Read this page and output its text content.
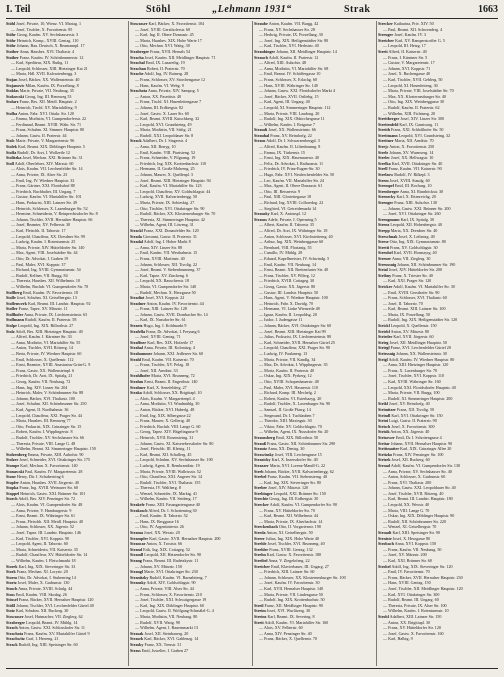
I. Teil	Stöhl	„Lehmann 1931“	Strak	1663

Stöhl Josef, Private, 10, Wienz. VI. Mariag. 1

— Josef, Tischler, X. Favoritenstr. 85

Stöhr Georg, Kaufm. XV. Sechshauserstr. 3

Stöhr Heinrich, Komp., XVIII. Gentzg. 110

Stöhr Johann, Bau. Deutsch, X. Reumannpl. 17

Stoiber Anna, Hausbes. XVI. Thaliastr. 4

Stoiber Franz, Kaufm. IV. Schönbrunnerstr. 12

— Karl, Spediteur, XIX. Ruthg. 11

— Leopold, Schlosser, XIII. Hietzinger Kai 21

— Maria, Hdl. XVII. Kalvarienbergg. 3

Stojan Josef, Bäcker, XX. Wallensteinstr. 40

Stojanovic Milan, Kaufm. IX. Porzellang. 8

Stoklas Marie, Private, VII. Neubaug. 35

Stokowski Georg, Ing. III. Rennweg 53

Stolarz Franz, Bes. XII. Meidl. Hauptstr. 2

— Heinrich, Tischl. XV. Mariahilferg. 9

Stolba Anton, Fabr. XVI. Ottakr. Str. 120

— Emma, Modistin, VI. Gumpendorferstr. 22

— Ferdinand, Beamt. XVIII. Währ. Str. 71

— Franz, Schuhm. XI. Simmer. Hauptstr. 80

— Johann, Gastw. II. Praterstr. 44

Stolc Marie, Private, V. Margaretenstr. 96

Stolek Karl, Beamt. XIX. Döblinger Hauptstr. 5

Stolfa Rudolf, Dr. Arzt, I. Wollzeile 12

Stolitzka Josef, Mechan. XXI. Brünner Str. 31

Stoll Adolf, Oberlehrer, XIV. Märzstr. 60

— Alois, Kaufm. VII. Lerchenfelder Str. 14

— Anna, Private, IX. Alser Str. 23

— Emil, Ing. IV. Wiedner Hauptstr. 33

— Franz, Gärtner, XXI. Floridsdorf 88

— Friedrich, Buchhalter, III. Ungarg. 7

— Gustav, Kaufm. VI. Mariahilfer Str. 101

— Hans, Prokurist, XIII. Lainzer Str. 49

— Heinrich, Schlosser, X. Laxenburger Str. 52

— Hermine, Schneiderin, V. Reinprechtsdorfer Str. 8

— Johann, Tischler, XVII. Hernalser Hauptstr. 66

— Josef, Beamter, XV. Felberstr. 30

— Karl, Fleischh. II. Taborstr. 17

— Leopold, Chauffeur, XX. Dresdner Str. 99

— Ludwig, Kaufm. I. Rotenturmstr. 25

— Maria, Private, XIV. Hütteldorfer Str. 140

— Max, Agent, VIII. Josefstädter Str. 44

— Otto, Dr. Advokat, I. Graben 19

— Paul, Maler, XVI. Koppstr. 37

— Richard, Ing. XVIII. Gymnasiumstr. 54

— Rudolf, Kellner, VII. Burgg. 84

— Theresia, Hausbes. XII. Wilhelmstr. 10

— Wilhelm, Buchdr. VI. Gumpendorfer Str. 70

Stollberg Emil, Kaufm. IV. Favoritenstr. 18

Stolle Josef, Schuhm. XI. Geiselbergstr. 13

Stollenwerk Karl, Beamt. III. Landstr. Hauptstr. 92

Stoller Franz, Tapez. XV. Märzstr. 11

Stollhofer Anna, Private, IX. Liechtensteinstr. 63

Stollmann Rudolf, Kaufm. II. Praterstr. 58

Stolpe Leopold, Ing. XIX. Billrothstr. 27

Stolz Adolf, Bes. XIII. Hietzinger Hauptstr. 40

— Alfred, Kaufm. I. Kärntner Str. 33

— Anna, Modistin, VI. Mariahilfer Str. 55

— Anton, Tischler, XVII. Rötzerg. 14

— Berta, Private, IV. Wiedner Hauptstr. 60

— Emil, Schlosser, X. Quellenstr. 112

— Ernst, Beamter, XVIII. Anastasius-Grün-G. 9

— Franz, Gastw. XX. Wallensteinpl. 6

— Friedrich, Dr. Arzt, IX. Spitalg. 21

— Georg, Kaufm. VII. Neubaug. 72

— Hans, Ing. XIV. Linzer Str. 204

— Heinrich, Maler, V. Schönbrunner Str. 88

— Johann, Bäcker, XVI. Thaliastr. 100

— Josef, Schuhm. XII. Schönbrunner Str. 250

— Karl, Agent, II. Nordbahnstr. 36

— Leopold, Chauffeur, XXI. Prager Str. 44

— Maria, Hausbes. III. Rennweg 77

— Otto, Prokurist, XIX. Grinzinger Str. 15

— Robert, Kaufm. I. Wipplingerstr. 8

— Rudolf, Tischler, XV. Sechshauser Str. 66

— Theresia, Private, VIII. Lange G. 48

— Wilhelm, Beamt. XI. Simmeringer Hauptstr. 150

Stolzenberg Emma, Private, XIII. Auhofstr. 90

Stolzer Josef, Schneider, XVI. Ottakringer Str. 175

Stompe Karl, Mechan. X. Favoritenstr. 140

Stonawski Paul, Kaufm. IV. Margaretenstr. 28

Stone Henry, Dir. I. Schubertring 6

Stopfer Anton, Hausbes. XVII. Jörgerstr. 40

Stopka Franz, Ing. XVIII. Weimarer Str. 60

Stoppel Heinrich, Gastw. XXI. Brünner Str. 101

Storch Adolf, Bes. XIV. Penzinger Str. 72

— Alois, Kaufm. VI. Gumpendorfer Str. 48

— Anna, Private, V. Hamburgerstr. 9

— Ernst, Beamt. IX. Währinger Str. 61

— Franz, Fleischh. XII. Meidl. Hauptstr. 40

— Johann, Schlosser, XX. Jägerstr. 52

— Josef, Tapez. III. Landstr. Hauptstr. 146

— Karl, Tischler, XVI. Koppstr. 90

— Leopold, Agent, II. Taborstr. 60

— Maria, Schneiderin, VII. Kaiserstr. 35

— Rudolf, Chauffeur, XV. Hütteldorfer Str. 14

— Wilhelm, Kaufm. I. Fleischmarkt 18

Storek Karl, Ing. XIX. Sieveringer Str. 33

Stork Franz, Mechan. XI. Lorystr. 20

Storm Otto, Dr. Advokat, I. Stubenring 14

Stortz Josef, Maler, X. Gudrunstr. 130

Stosch Anna, Private, XVIII. Schulg. 44

Stoss Emil, Kaufm. VIII. Skodag. 26

Stössel Franz, Bäcker, XVII. Hernalser Hauptstr. 120

Stößl Johann, Tischler, XVI. Lerchenfelder Gürtel 40

Stotz Karl, Schuhm. XII. Ruckerg. 30

Stowasser Josef, Hutmacher, VII. Zieglerg. 62

Straberger Leopold, Beamt. IV. Mühlg. 14

Strach Anton, Gastw. XXI. Schlosshofer Str. 11

Strachota Franz, Kaufm. XV. Mariahilfer Gürtel 9

Strachwitz Graf, I. Herreng. 21

Strack Rudolf, Ing. XIII. Speisinger Str. 60

Stowasser Karl, Bäcker, X. Favoritenstr. 104

— Josef, XVIII. Gersthoferstr. 60

— Karl, Ing. II. Obere Donaustr. 45

— Maria, Hausbes. XIX. Hohe Warte 17

— Otto, Mechan. XVI. Wattg. 30

Straberger Franz, XVII. Hernals 54

Stracha Josef, Kaufm. XII. Meidlinger Hauptstr. 71

Strachal Emil, IX. Lazarethg. 19

Strachan Robert, II. Praterstr. 70

Strache Adolf, Ing. IV. Rainerg. 28

— Franz, Schlosser, XV. Storchengasse 12

— Hans, Kaufm. VI. Webg. 9

Strachota Anna, Private, XIV. Sampog. 5

— Anton, XX. Pasettistr. 40

— Franz, Tischl. XI. Hasenleitengasse 7

— Johann, III. Erdbergstr. 82

— Josef, Gastw. X. Laaer Str. 60

— Karl, Beamt. XVIII. Kutschkerg. 32

— Leopold, XVI. Grundsteing. 49

— Maria, Modistin, VII. Stiftg. 21

— Rudolf, XXI. Leopoldauer Str. 8

Strack Adalbert, Dr. I. Singerstr. 4

— Anna, XII. Bonyg. 10

— Emil, Kaufm. VIII. Piaristeng. 52

— Franz, Schneider, V. Pilgramg. 19

— Friedrich, Ing. XIX. Krottenbachstr. 110

— Hermann, II. Große Mohreng. 25

— Johann, Maurer, X. Quellenpl. 3

— Josef, Beamt. XIII. Hietzinger Hauptstr. 94

— Karl, Kaufm. VI. Mariahilfer Str. 123

— Leopold, Chauffeur, XV. Goldschlagstr. 44

— Ludwig, XVII. Kalvarienbergg. 50

— Maria, Private, IX. Sobieskig. 27

— Otto, Tischler, XVI. Ottakringer Str. 90

— Rudolf, Bäcker, XX. Klosterneuburger Str. 70

— Theresia, XI. Simmeringer Hauptstr. 42

— Wilhelm, Agent, III. Löweng. 31

Strackl Franz, XXI. Donaufelder Str. 120

Strada Giovanni, Gastw. II. Praterstr. 31

Stradal Adolf, Ing. I. Hoher Markt 8

— Anna, XIV. Linzer Str. 88

— Emil, Kaufm. VII. Westbahnstr. 15

— Franz, XVIII. Martinstr. 40

— Johann, Schlosser, XII. Tivolig. 22

— Josef, Beamt. V. Siebenbrunneng. 37

— Karl, Tapez. XV. Zinckeng. 6

— Leopold, XX. Rauscherstr. 18

— Maria, VI. Gumpendorfer Str. 140

— Rudolf, Mechan. X. Herzgasse 50

Stradiot Josef, XVI. Koppstr. 22

Stradner Anton, Kaufm. IV. Favoritenstr. 44

— Franz, XIII. Lainzer Str. 128

— Johann, Gastw. XVII. Dornbacher Str. 14

— Karl, IX. Nussdorfer Str. 61

Straetz Hugo, Ing. I. Kohlmarkt 9

Strafella Franz, Dr. Advokat, I. Freyung 6

— Josef, XVIII. Gentzg. 71

Straffner Karl, Bes. XIX. Hofzeile 17

Strahal Anna, Private, III. Kolonitzg. 4

Strahammer Johann, XXI. Jedleseer Str. 60

Strahl Emil, Kaufm. VII. Kaiserstr. 70

— Franz, Tischler, XV. Pelzg. 18

— Josef, XII. Arndtstr. 33

Strahlhofer Maria, XVI. Brunneng. 72

Strahm Ernst, Beamt. II. Engerthstr. 140

Strahner Karl, X. Senefelderg. 27

Straka Adolf, Schlosser, XX. Brigittapl. 10

— Alois, Kaufm. V. Margaretenpl. 4

— Anna, Modistin, VI. Windmühlg. 30

— Anton, Bäcker, XVI. Haberlg. 48

— Emil, Ing. XIX. Silbergasse 22

— Franz, Maurer, X. Gellertg. 40

— Friedrich, Buchdr. VIII. Lange G. 60

— Georg, Tapez. XIV. Hägelingasse 9

— Heinrich, XVII. Rosensteing. 31

— Johann, Gastw. XI. Kaiserebersdorfer Str. 80

— Josef, Fleischh. III. Kleistg. 11

— Karl, Beamt. XII. Schallerg. 45

— Leopold, Schuhm. XV. Sechshauser Str. 100

— Ludwig, Agent, II. Rembrandtstr. 19

— Maria, Private, XVIII. Wallrissstr. 52

— Otto, Chauffeur, XXI. Angerer Str. 14

— Rudolf, Tischler, XVI. Thaliastr. 155

— Theresia, IV. Waltherg. 8

— Wenzel, Schneider, IX. Marktg. 41

— Wilhelm, Kaufm. VII. Seideng. 17

Strakele Franz, XIII. Fasangartengasse 40

Strakosch Alfred, Dr. I. Schottenring 30

— Emil, Kaufm. II. Taborstr. 52

— Hans, IX. Berggasse 16

— Otto, IV. Argentinierstr. 26

Strama Josef, XX. Wexstr. 20

Strampfer Karl, Gastw. XVII. Hernalser Hauptstr. 200

Strancar Anton, X. Troststr. 66

Strand Erik, Ing. XIX. Cottageg. 52

Strandl Leopold, XII. Hetzendorfer Str. 90

Strang Franz, Beamt. III. Radetzkystr. 11

— Johann, XV. Märzstr. 150

Strangl Marie, XVI. Ottakringer Str. 230

Stranitzky Rudolf, Kaufm. VI. Barnabiteng. 7

Stransky Adolf, XIV. Goldschlagstr. 90

— Anna, Private, VIII. Alser Str. 44

— Franz, Schlosser, X. Favoritenstr. 210

— Josef, Tischler, XXI. Schwaigergasse 19

— Karl, Ing. XIX. Döblinger Hauptstr. 60

— Leopold, Gastw. II. Wolfgang-Schmälzl-G. 4

— Maria, Modistin, VII. Neubaug. 80

— Rudolf, XVII. Wattg. 90

— Wilhelm, Agent, I. Bauernmarkt 13

Strasak Josef, XII. Steinbauerg. 20

Strasek Karl, Bäcker, XVI. Gablenzg. 14

Strasky Franz, XX. Treustr. 31

Strass Emil, Juwelier, I. Graben 27

Straube Anton, Kaufm. VII. Burgg. 42

— Franz, XV. Sechshauser Str. 28

— Hedwig, Private, IX. Porzellang. 30

— Josef, Ing. XIX. Heiligenstädter Str. 80

— Karl, Tischler, XVI. Herbststr. 40

Straubinger Johann, XII. Meidlinger Hauptstr. 14

Strauch Adolf, Kaufm. II. Praterstr. 12

— Alfred, XIII. Auhofstr. 48

— Anna, Modistin, VI. Mariahilfer Str. 68

— Emil, Beamt. IV. Schäffergasse 10

— Franz, Schlosser, X. Erlachg. 60

— Hans, XVIII. Währinger Str. 140

— Johann, Gastw. XXI. Floridsdorfer Markt 4

— Josef, Bäcker, XVII. Ortliebg. 15

— Karl, Agent, III. Ungarg. 40

— Leopold, XI. Simmeringer Hauptstr. 112

— Maria, Private, VIII. Laudong. 20

— Rudolf, Ing. XIX. Obkirchergasse 11

— Wilhelm, Kaufm. I. Rotgasse 7

Straudi Josef, XX. Wallensteinstr. 66

Strauhal Franz, XV. Reindorfg. 22

Straus Adolf, Dr. I. Schwarzenbergpl. 3

— Alfred, Kaufm. II. Lilienbrunng. 8

— Emma, IX. Türkenstr. 15

— Ernst, Ing. XIX. Hasenauerstr. 40

— Felix, Dr. Advokat, I. Rathausstr. 11

— Friedrich, IV. Prinz-Eugen-Str. 30

— Hugo, Fabr. XVI. Neulerchenfelder Str. 50

— Leo, Kaufm. VII. Mariahilfer Str. 24

— Max, Agent, II. Obere Donaustr. 61

— Otto, III. Reisnerstr. 9

— Paul, XIII. Gloriettegasse 18

— Richard, Ing. XVIII. Colloredog. 22

— Siegfried, VI. Getreidemarkt 14

Strausky Karl, X. Antonspl. 12

Strauss Adele, Private, I. Opernring 5

— Albert, Kaufm. II. Taborstr. 35

— Alfred, Dr. Arzt, IX. Währinger Str. 18

— Anton, Schlosser, XVI. Kirchstetterng. 40

— Arthur, Ing. XIX. Weinberggasse 60

— Bernhard, VIII. Florianig. 55

— Camillo, IV. Mühlg. 28

— Eduard, Kapellmeister, IV. Schwindg. 5

— Emil, Kaufm. VII. Neubaug. 14

— Ernst, Beamt. XII. Breitenfurter Str. 40

— Franz, Tischler, XV. Pillerg. 12

— Friedrich, XVIII. Cottageg. 30

— Georg, Gastw. XX. Jägerstr. 80

— Gustav, III. Landstr. Hauptstr. 50

— Hans, Agent, V. Wiedner Hauptstr. 100

— Heinrich, Fabr. X. Davidg. 70

— Hermann, VI. Linke Wienzeile 48

— Ignaz, Kaufm. II. Leopoldsg. 20

— Isidor, I. Judengasse 11

— Johann, Bäcker, XVI. Ottakringer Str. 60

— Josef, Beamt. XIII. Hietzinger Kai 99

— Julius, Prokurist, IX. Liechtensteinstr. 80

— Karl, Schneider, XVII. Hernalser Gürtel 25

— Leopold, Chauffeur, XXI. Prager Str. 90

— Ludwig, IV. Paulanerg. 13

— Maria, Private, VII. Kandlg. 34

— Max, Dr. Advokat, I. Wipplingerstr. 35

— Moriz, Kaufm. II. Praterstr. 40

— Oskar, Ing. XIX. Pyrkerg. 12

— Otto, XVIII. Schopenhauerstr. 48

— Paul, Maler, XVI. Hasnerstr. 110

— Richard, Komp. III. Mechelg. 2

— Robert, Kaufm. VI. Esterhazyg. 20

— Rudolf, Tischler, X. Laxenburger Str. 90

— Samuel, II. Große Pfarrg. 14

— Siegmund, Dr. I. Tuchlauben 7

— Theodor, XIII. Maxingstr. 30

— Viktor, Fabr. XV. Goldschlagstr. 70

— Wilhelm, Agent, IX. Nussdorfer Str. 20

Straussberg Emil, XIX. Billrothstr. 50

Strauß Franz, Gastw. XII. Schönbrunner Str. 290

Strautz Anna, XX. Denisg. 30

Strawinsky Josef, VIII. Lerchengasse 15

Strazicky Karl, X. Inzersdorfer Str. 40

Strazzer Maria, XVI. Lorenz-Mandl-G. 22

Streb Johann, Bäcker, XVII. Kalvarienbergg. 62

Strebel Franz, Kaufm. VII. Siebensterng. 40

— Karl, Ing. XIX. Sieveringer Str. 80

Streber Josef, XIV. Märzstr. 120

Strebinger Leopold, XXI. Brünner Str. 150

Strechie Georg, Ing. III. Erdbergstr. 30

Strecker Adolf, Kaufm. VI. Gumpendorfer Str. 90

— Franz, XV. Hütteldorfer Str. 70

— Karl, Beamt. XII. Wilhelmstr. 44

— Maria, Private, IX. Alserbachstr. 14

Streckenbach Otto, II. Vorgartenstr. 190

Streda Anton, XI. Geiselbergstr. 50

Streer Julius, Ing. XIX. Hohe Warte 40

Strehle Josef, Tischler, XVI. Brunneng. 40

Strehler Franz, XVIII. Gentzg. 132

Strehn Karl, Gastw. X. Favoritenstr. 180

Streibel Anna, V. Ziegelofeng. 22

Streicher Emil, Klavierbauer, III. Ungarg. 27

— Friedrich, XIII. Lainzer Str. 60

— Johann, Schlosser, XX. Klosterneuburger Str. 100

— Josef, Kaufm. IV. Favoritenstr. 30

— Karl, XVII. Hernalser Hauptstr. 140

— Maria, Private, VII. Lindengasse 50

— Rudolf, Ing. XIX. Krottenbachstr. 50

Streil Franz, XII. Meidlinger Hauptstr. 90

Streim Josef, XVI. Wurlitzerg. 30

Streinz Karl, Beamt. IX. Severing. 8

Streit Adolf, Kaufm. VI. Mariahilfer Str. 160

— Alois, XV. Felberstr. 60

— Anna, XIV. Penzinger Str. 40

— Franz, Bäcker, X. Quellenstr. 70

Strecker Katharina, Priv. XIV. 50

— Paul, Beamt. XII. Schwenderg. 4

Streuger Josef, Kaufm. IV. 3

Streicher Karl, XV. Ramperstorffer G. 5

— Leopold, III. Hetzg. 17

Streit Alfred, II. Kaiserstr. 40

— Franz, I. Kärntner Str. 5

— Gustav, V. Margaretenstr. 17

— Johann, XVI. Koppstr. 71

— Josef, X. Buchengasse 40

— Karl, Tischler, XVII. Geblerg. 50

— Leopold, XI. Hasenleiteng. 30

— Maria, Private, VIII. Josefstädter Str. 70

— Max, XX. Klosterneuburger Str. 40

— Otto, Ing. XIX. Weinberggasse 30

— Rudolf, Kaufm. II. Praterstr. 62

— Wilhelm, XIII. Fichtnerg. 20

Streitberger Josef, XIV. Linzer Str. 300

Streitenfeld Karl, IX. Garnisong. 11

Streith Franz, XXI. Schloßhofer Str. 50

Streitmann Leopold, XVI. Grundsteing. 32

Streitner Maria, XII. Arndtstr. 70

Strejc Anton, X. Favoritenstr. 250

Strele Johann, XV. Wurmserg. 14

Strelec Josef, XX. Hellwagstr. 10

Strelka Karl, XVII. Ottakringer Str. 40

Strell Franz, Kaufm. VII. Kaiserstr. 90

Strelzow Rudolf, IV. Rilkepl. 3

Strem Josef, XVIII. Staudg. 60

Strempel Emil, III. Rochusg. 10

Strenberger Anna, XI. Rinnböckstr. 30

Strenecky Karl, X. Ettenreichg. 20

Strenger Franz, XIII. Auhofstr. 130

— Johann, Gastw. XXI. Brünner Str. 200

— Josef, XVI. Ottakringer Str. 260

Strengmann Karl, IX. Spitalg. 30

Strenz Leopold, XII. Hohenbergstr. 40

Strepp Maria, XX. Dresdner Str. 40

Streschnak Josef, X. Leibnizg. 40

Strese Otto, Ing. XIX. Gymnasiumstr. 80

Stretti Franz, XV. Goldschlagstr. 30

Streubel Karl, XVII. Hormayrg. 40

Streuer Anna, VII. Zieglerg. 30

Streussnig Johann, XII. Schönbrunner Str. 190

Strial Josef, XIV. Hütteldorfer Str. 200

Stribny Franz, X. Triester Str. 40

— Karl, XXI. Prager Str. 120

Stricker Adolf, Kaufm. VI. Mariahilfer Str. 30

— Emil, XVIII. Gersthofer Str. 90

— Franz, Schlosser, XVI. Thaliastr. 60

— Josef, II. Taborstr. 70

— Karl, Beamt. XIII. Lainzer Str. 100

— Maria, IX. Porzellang. 50

— Rudolf, Ing. XIX. Heiligenstädter Str. 120

Strickl Leopold, X. Quellenstr. 150

Striebl Anton, XV. Märzstr. 80

Strieder Karl, XVII. Jörgerstr. 60

Strieg Josef, XII. Meidlinger Hauptstr. 50

Striegl Franz, XVI. Lerchenfelder Gürtel 20

Striessnig Johann, XX. Wallensteinstr. 30

Strigl Adolf, Kaufm. IV. Wiedner Hauptstr. 80

— Anna, XIII. Hietzinger Hauptstr. 120

— Franz, X. Laxenburger Str. 70

— Josef, Tischler, XVI. Koppstr. 110

— Karl, XVIII. Währinger Str. 160

— Leopold, XXI. Floridsdorfer Hauptstr. 40

— Maria, Private, VII. Burgg. 100

— Rudolf, XI. Simmeringer Hauptstr. 200

Strikl Josef, XV. Reindorfg. 40

Strimitzer Franz, XII. Tivolig. 50

Strindl Karl, XVI. Ottakringer Str. 150

Strini Luigi, Gastw. II. Praterstr. 90

Strisch Josef, X. Favoritenstr. 300

Strisik Anton, XX. Jägerstr. 40

Strisower Emil, Dr. I. Schottengasse 4

Stritar Johann, XVII. Hernalser Hauptstr. 90

Strittmatter Karl, XIX. Grinzinger Allee 20

Stritzko Franz, XIV. Penzinger Str. 100

Strizek Josef, XII. Ruckerg. 60

Strnad Adolf, Kaufm. VI. Gumpendorfer Str. 130

— Anna, Private, XV. Sechshauser Str. 40

— Anton, Schlosser, X. Gudrunstr. 60

— Franz, XVI. Thaliastr. 200

— Johann, Gastw. XXI. Leopoldauer Str. 40

— Josef, Tischler, XVII. Rötzerg. 40

— Karl, Beamt. III. Landstr. Hauptstr. 180

— Leopold, XX. Wexstr. 40

— Maria, VIII. Lange G. 70

— Oskar, Ing. XIX. Döblinger Hauptstr. 90

— Rudolf, XII. Schönbrunner Str. 220

— Wenzel, XI. Geiselbergstr. 70

Strnadt Karl, XIII. Speisinger Str. 90

Strniste Josef, X. Herzgasse 80

Strobach Anna, XVI. Koppstr. 150

— Franz, Kaufm. VII. Neubaug. 50

— Josef, XV. Märzstr. 200

— Karl, XXI. Brünner Str. 60

Strobel Adolf, Ing. XIX. Sieveringer Str. 120

— Emil, IV. Favoritenstr. 70

— Franz, Bäcker, XVII. Hernalser Hauptstr. 230

— Hans, XVIII. Gentzg. 150

— Josef, Tischler, XII. Meidlinger Hauptstr. 120

— Karl, XVI. Ottakringer Str. 300

— Rudolf, Beamt. III. Ungarg. 60

— Theresia, Private, IX. Alser Str. 100

— Wilhelm, Kaufm. I. Rotenturmstr. 10

Strobl Adalbert, XIII. Lainzer Str. 150

— Anton, XX. Brigittapl. 30

— Franz, XV. Hütteldorfer Str. 120

— Josef, Gastw. X. Favoritenstr. 160

— Karl, Halbig, 9
